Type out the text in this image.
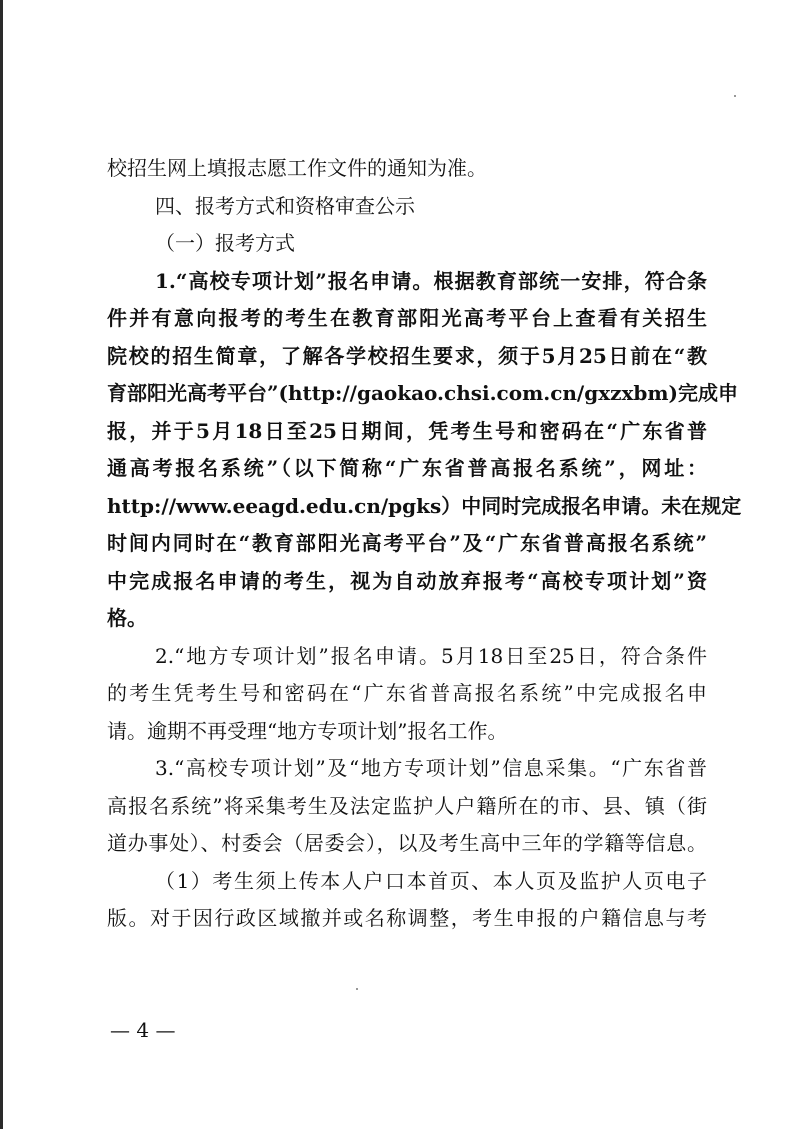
校招生网上填报志愿工作文件的通知为准。
四、报考方式和资格审查公示
（一）报考方式
1.“高校专项计划”报名申请。根据教育部统一安排，符合条
件并有意向报考的考生在教育部阳光高考平台上查看有关招生
院校的招生简章，了解各学校招生要求，须于5月25日前在“教
育部阳光高考平台”(http://gaokao.chsi.com.cn/gxzxbm)完成申
报，并于5月18日至25日期间，凭考生号和密码在“广东省普
通高考报名系统”（以下简称“广东省普高报名系统”，网址：
http://www.eeagd.edu.cn/pgks）中同时完成报名申请。未在规定
时间内同时在“教育部阳光高考平台”及“广东省普高报名系统”
中完成报名申请的考生，视为自动放弃报考“高校专项计划”资
格。
2.“地方专项计划”报名申请。5月18日至25日，符合条件
的考生凭考生号和密码在“广东省普高报名系统”中完成报名申
请。逾期不再受理“地方专项计划”报名工作。
3.“高校专项计划”及“地方专项计划”信息采集。“广东省普
高报名系统”将采集考生及法定监护人户籍所在的市、县、镇（街
道办事处）、村委会（居委会），以及考生高中三年的学籍等信息。
（1）考生须上传本人户口本首页、本人页及监护人页电子
版。对于因行政区域撤并或名称调整，考生申报的户籍信息与考
— 4 —
